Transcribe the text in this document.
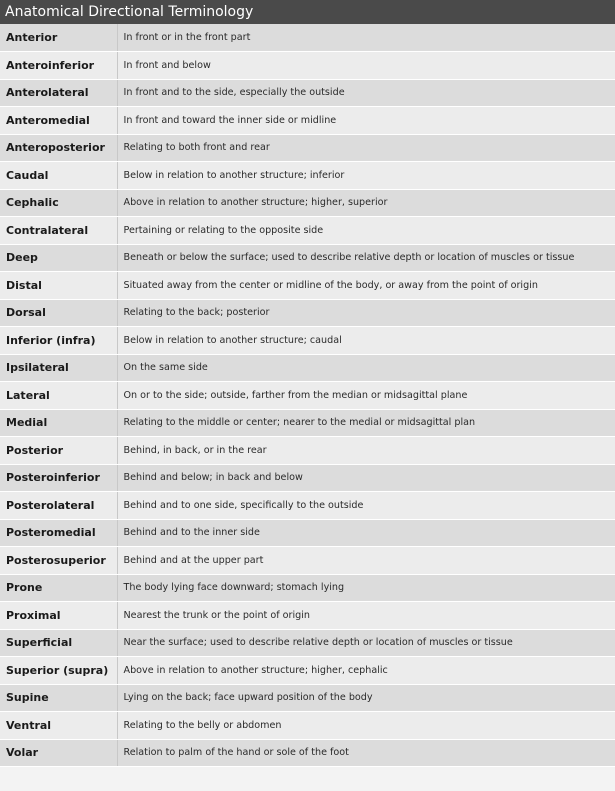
Anatomical Directional Terminology
Anterior	In front or in the front part
Anteroinferior	In front and below
Anterolateral	In front and to the side, especially the outside
Anteromedial	In front and toward the inner side or midline
Anteroposterior	Relating to both front and rear
Caudal	Below in relation to another structure; inferior
Cephalic	Above in relation to another structure; higher, superior
Contralateral	Pertaining or relating to the opposite side
Deep	Beneath or below the surface; used to describe relative depth or location of muscles or tissue
Distal	Situated away from the center or midline of the body, or away from the point of origin
Dorsal	Relating to the back; posterior
Inferior (infra)	Below in relation to another structure; caudal
Ipsilateral	On the same side
Lateral	On or to the side; outside, farther from the median or midsagittal plane
Medial	Relating to the middle or center; nearer to the medial or midsagittal plan
Posterior	Behind, in back, or in the rear
Posteroinferior	Behind and below; in back and below
Posterolateral	Behind and to one side, specifically to the outside
Posteromedial	Behind and to the inner side
Posterosuperior	Behind and at the upper part
Prone	The body lying face downward; stomach lying
Proximal	Nearest the trunk or the point of origin
Superficial	Near the surface; used to describe relative depth or location of muscles or tissue
Superior (supra)	Above in relation to another structure; higher, cephalic
Supine	Lying on the back; face upward position of the body
Ventral	Relating to the belly or abdomen
Volar	Relation to palm of the hand or sole of the foot
